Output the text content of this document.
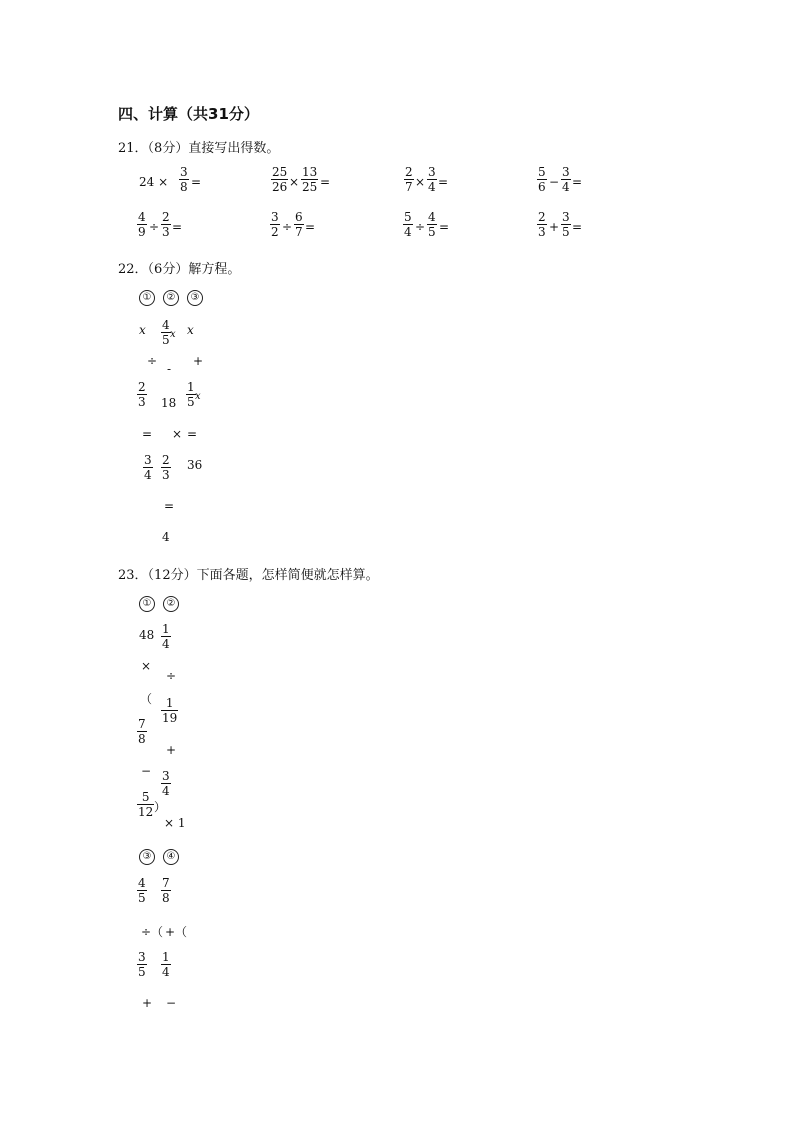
四、计算（共31分）
21．（8分）直接写出得数。
$24 \times \frac{3}{8}$ =	$\frac{25}{26} \times \frac{13}{25}$ =	$\frac{2}{7} \times \frac{3}{4}$ =	$\frac{5}{6} - \frac{3}{4}$ =
$\frac{4}{9} \div \frac{2}{3}$ =	$\frac{3}{2} \div \frac{6}{7}$ =	$\frac{5}{4} \div \frac{4}{5}$ =	$\frac{2}{3} + \frac{3}{5}$ =
22．（6分）解方程。
①	②	③
x $\frac{4}{5}$ x x
÷
-
+
$\frac{2}{3} 18 \frac{1}{5}$ x
= × =
$\frac{3}{4} \frac{2}{3} 36$
=
4
23．（12分）下面各题，怎样简便就怎样算。
①	②
$48 \frac{1}{4}$
×
÷
（ $\frac{1}{19}$
$\frac{7}{8}$
+
− $\frac{3}{4}$
$\frac{5}{12}$ ）
× 1
③	④
$\frac{4}{5} \frac{7}{8}$
÷（ +（
$\frac{3}{5} \frac{1}{4}$
+ −
